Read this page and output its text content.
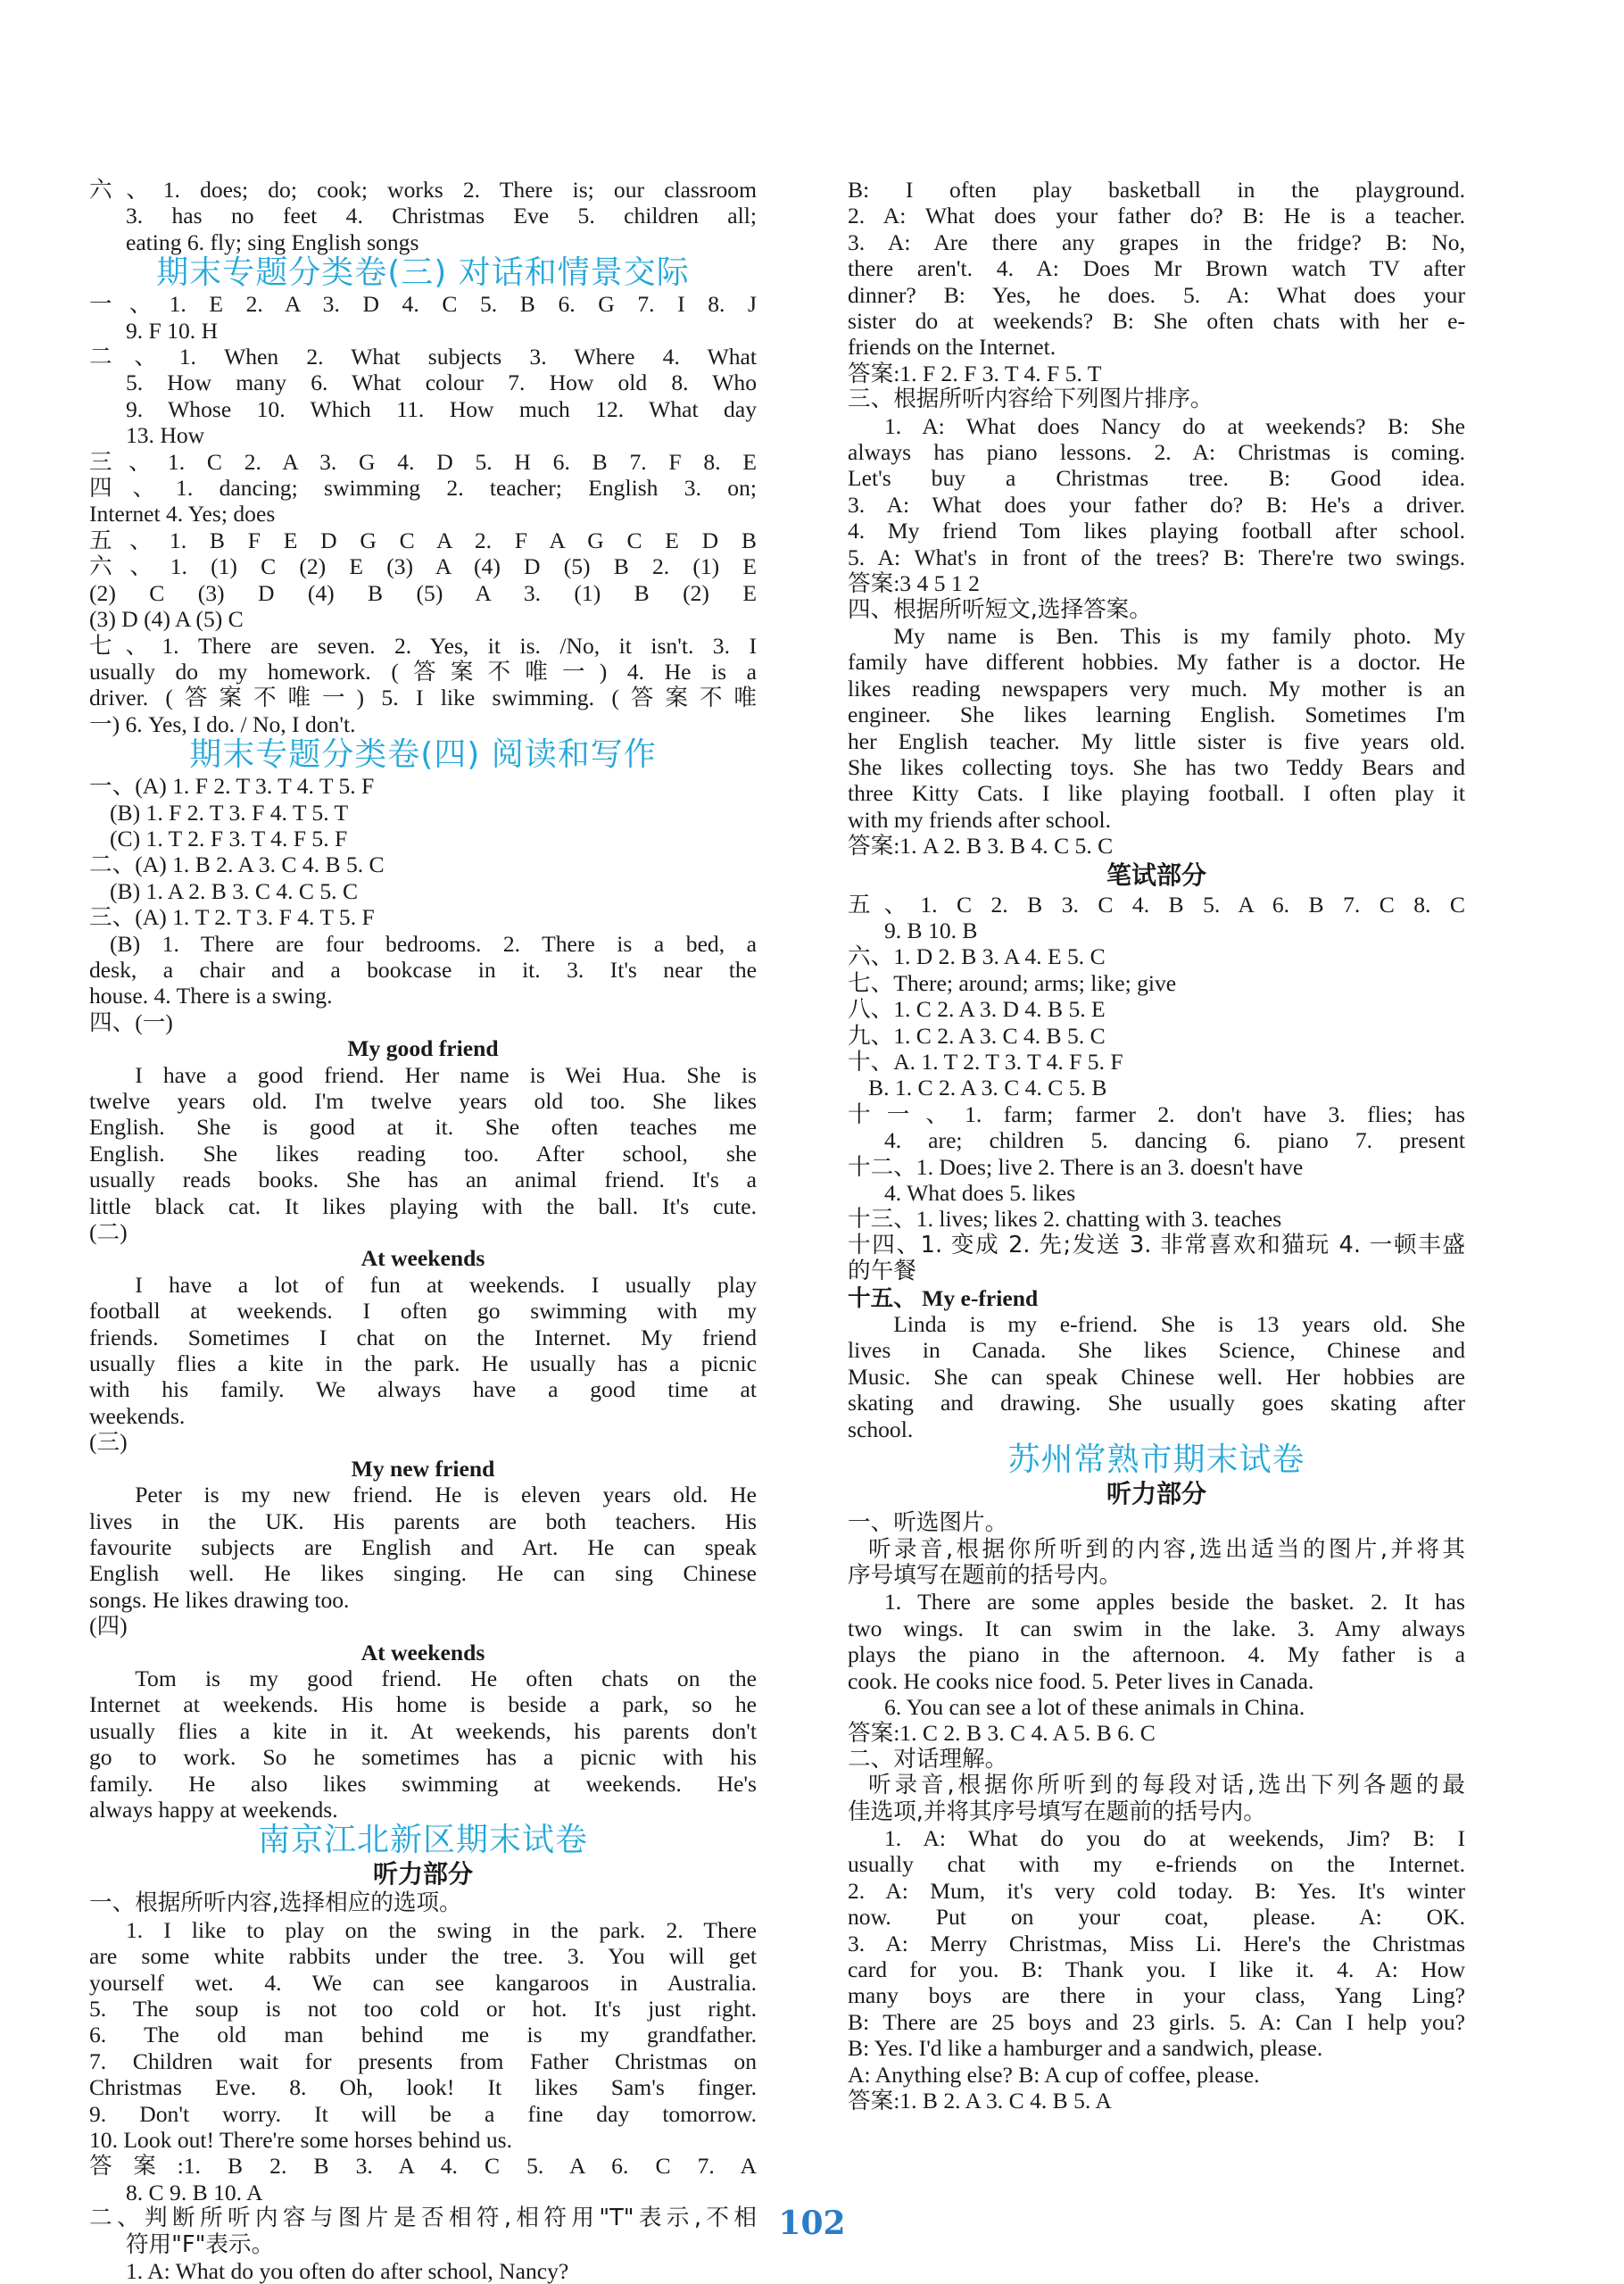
六、1. does; do; cook; works 2. There is; our classroom
3. has no feet 4. Christmas Eve 5. children all;
eating 6. fly; sing English songs
期末专题分类卷(三) 对话和情景交际
一、1. E 2. A 3. D 4. C 5. B 6. G 7. I 8. J
9. F 10. H
二、1. When 2. What subjects 3. Where 4. What
5. How many 6. What colour 7. How old 8. Who
9. Whose 10. Which 11. How much 12. What day
13. How
三、1. C 2. A 3. G 4. D 5. H 6. B 7. F 8. E
四、1. dancing; swimming 2. teacher; English 3. on;
Internet 4. Yes; does
五、1. B F E D G C A 2. F A G C E D B
六、1. (1) C (2) E (3) A (4) D (5) B 2. (1) E
(2) C (3) D (4) B (5) A 3. (1) B (2) E
(3) D (4) A (5) C
七、1. There are seven. 2. Yes, it is. /No, it isn't. 3. I
usually do my homework. (答案不唯一) 4. He is a
driver. (答案不唯一) 5. I like swimming. (答案不唯
一) 6. Yes, I do. / No, I don't.
期末专题分类卷(四) 阅读和写作
一、(A) 1. F 2. T 3. T 4. T 5. F
(B) 1. F 2. T 3. F 4. T 5. T
(C) 1. T 2. F 3. T 4. F 5. F
二、(A) 1. B 2. A 3. C 4. B 5. C
(B) 1. A 2. B 3. C 4. C 5. C
三、(A) 1. T 2. T 3. F 4. T 5. F
(B) 1. There are four bedrooms. 2. There is a bed, a
desk, a chair and a bookcase in it. 3. It's near the
house. 4. There is a swing.
四、(一)
My good friend
I have a good friend. Her name is Wei Hua. She is
twelve years old. I'm twelve years old too. She likes
English. She is good at it. She often teaches me
English. She likes reading too. After school, she
usually reads books. She has an animal friend. It's a
little black cat. It likes playing with the ball. It's cute.
(二)
At weekends
I have a lot of fun at weekends. I usually play
football at weekends. I often go swimming with my
friends. Sometimes I chat on the Internet. My friend
usually flies a kite in the park. He usually has a picnic
with his family. We always have a good time at
weekends.
(三)
My new friend
Peter is my new friend. He is eleven years old. He
lives in the UK. His parents are both teachers. His
favourite subjects are English and Art. He can speak
English well. He likes singing. He can sing Chinese
songs. He likes drawing too.
(四)
At weekends
Tom is my good friend. He often chats on the
Internet at weekends. His home is beside a park, so he
usually flies a kite in it. At weekends, his parents don't
go to work. So he sometimes has a picnic with his
family. He also likes swimming at weekends. He's
always happy at weekends.
南京江北新区期末试卷
听力部分
一、根据所听内容,选择相应的选项。
1. I like to play on the swing in the park. 2. There
are some white rabbits under the tree. 3. You will get
yourself wet. 4. We can see kangaroos in Australia.
5. The soup is not too cold or hot. It's just right.
6. The old man behind me is my grandfather.
7. Children wait for presents from Father Christmas on
Christmas Eve. 8. Oh, look! It likes Sam's finger.
9. Don't worry. It will be a fine day tomorrow.
10. Look out! There're some horses behind us.
答案:1. B 2. B 3. A 4. C 5. A 6. C 7. A
8. C 9. B 10. A
二、判断所听内容与图片是否相符,相符用"T"表示,不相
符用"F"表示。
1. A: What do you often do after school, Nancy?
B: I often play basketball in the playground.
2. A: What does your father do? B: He is a teacher.
3. A: Are there any grapes in the fridge? B: No,
there aren't. 4. A: Does Mr Brown watch TV after
dinner? B: Yes, he does. 5. A: What does your
sister do at weekends? B: She often chats with her e-
friends on the Internet.
答案:1. F 2. F 3. T 4. F 5. T
三、根据所听内容给下列图片排序。
1. A: What does Nancy do at weekends? B: She
always has piano lessons. 2. A: Christmas is coming.
Let's buy a Christmas tree. B: Good idea.
3. A: What does your father do? B: He's a driver.
4. My friend Tom likes playing football after school.
5. A: What's in front of the trees? B: There're two swings.
答案:3 4 5 1 2
四、根据所听短文,选择答案。
My name is Ben. This is my family photo. My
family have different hobbies. My father is a doctor. He
likes reading newspapers very much. My mother is an
engineer. She likes learning English. Sometimes I'm
her English teacher. My little sister is five years old.
She likes collecting toys. She has two Teddy Bears and
three Kitty Cats. I like playing football. I often play it
with my friends after school.
答案:1. A 2. B 3. B 4. C 5. C
笔试部分
五、1. C 2. B 3. C 4. B 5. A 6. B 7. C 8. C
9. B 10. B
六、1. D 2. B 3. A 4. E 5. C
七、There; around; arms; like; give
八、1. C 2. A 3. D 4. B 5. E
九、1. C 2. A 3. C 4. B 5. C
十、A. 1. T 2. T 3. T 4. F 5. F
B. 1. C 2. A 3. C 4. C 5. B
十一、1. farm; farmer 2. don't have 3. flies; has
4. are; children 5. dancing 6. piano 7. present
十二、1. Does; live 2. There is an 3. doesn't have
4. What does 5. likes
十三、1. lives; likes 2. chatting with 3. teaches
十四、1. 变成 2. 先;发送 3. 非常喜欢和猫玩 4. 一顿丰盛
的午餐
十五、 My e-friend
Linda is my e-friend. She is 13 years old. She
lives in Canada. She likes Science, Chinese and
Music. She can speak Chinese well. Her hobbies are
skating and drawing. She usually goes skating after
school.
苏州常熟市期末试卷
听力部分
一、听选图片。
听录音,根据你所听到的内容,选出适当的图片,并将其
序号填写在题前的括号内。
1. There are some apples beside the basket. 2. It has
two wings. It can swim in the lake. 3. Amy always
plays the piano in the afternoon. 4. My father is a
cook. He cooks nice food. 5. Peter lives in Canada.
6. You can see a lot of these animals in China.
答案:1. C 2. B 3. C 4. A 5. B 6. C
二、对话理解。
听录音,根据你所听到的每段对话,选出下列各题的最
佳选项,并将其序号填写在题前的括号内。
1. A: What do you do at weekends, Jim? B: I
usually chat with my e-friends on the Internet.
2. A: Mum, it's very cold today. B: Yes. It's winter
now. Put on your coat, please. A: OK.
3. A: Merry Christmas, Miss Li. Here's the Christmas
card for you. B: Thank you. I like it. 4. A: How
many boys are there in your class, Yang Ling?
B: There are 25 boys and 23 girls. 5. A: Can I help you?
B: Yes. I'd like a hamburger and a sandwich, please.
A: Anything else? B: A cup of coffee, please.
答案:1. B 2. A 3. C 4. B 5. A
102
